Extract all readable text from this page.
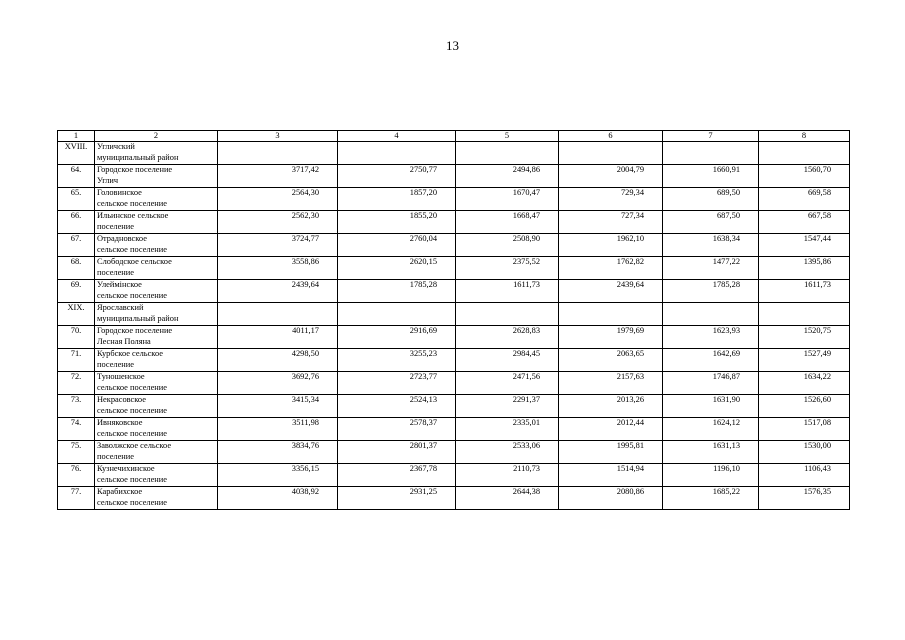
13
1	2	3	4	5	6	7	8
XVIII.	Угличский
муниципальный район						

64.	Городское поселение
Углич	3717,42	2750,77	2494,86	2004,79	1660,91	1560,70
65.	Головинское
сельское поселение	2564,30	1857,20	1670,47	729,34	689,50	669,58
66.	Ильинское сельское
поселение	2562,30	1855,20	1668,47	727,34	687,50	667,58
67.	Отрадновское
сельское поселение	3724,77	2760,04	2508,90	1962,10	1638,34	1547,44
68.	Слободское сельское
поселение	3558,86	2620,15	2375,52	1762,82	1477,22	1395,86
69.	Улеймінское
сельское поселение	2439,64	1785,28	1611,73	2439,64	1785,28	1611,73
XIX.	Ярославский
муниципальный район						

70.	Городское поселение
Лесная Поляна	4011,17	2916,69	2628,83	1979,69	1623,93	1520,75
71.	Курбское сельское
поселение	4298,50	3255,23	2984,45	2063,65	1642,69	1527,49
72.	Туношенское
сельское поселение	3692,76	2723,77	2471,56	2157,63	1746,87	1634,22
73.	Некрасовское
сельское поселение	3415,34	2524,13	2291,37	2013,26	1631,90	1526,60
74.	Ивняковское
сельское поселение	3511,98	2578,37	2335,01	2012,44	1624,12	1517,08
75.	Заволжское сельское
поселение	3834,76	2801,37	2533,06	1995,81	1631,13	1530,00
76.	Кузнечихинское
сельское поселение	3356,15	2367,78	2110,73	1514,94	1196,10	1106,43
77.	Карабихское
сельское поселение	4038,92	2931,25	2644,38	2080,86	1685,22	1576,35
